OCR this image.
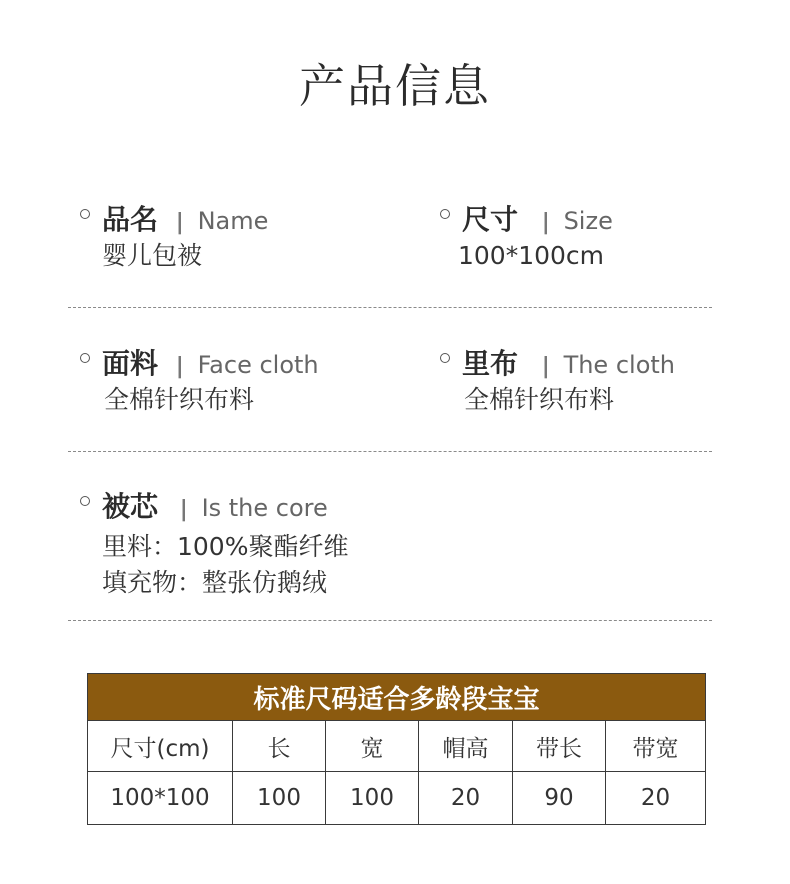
产品信息
品名 | Name
婴儿包被
尺寸 | Size
100*100cm
面料 | Face cloth
全棉针织布料
里布 | The cloth
全棉针织布料
被芯 | Is the core
里料：100%聚酯纤维
填充物：整张仿鹅绒
标准尺码适合多龄段宝宝					
尺寸(cm)	长	宽	帽高	带长	带宽
100*100	100	100	20	90	20
